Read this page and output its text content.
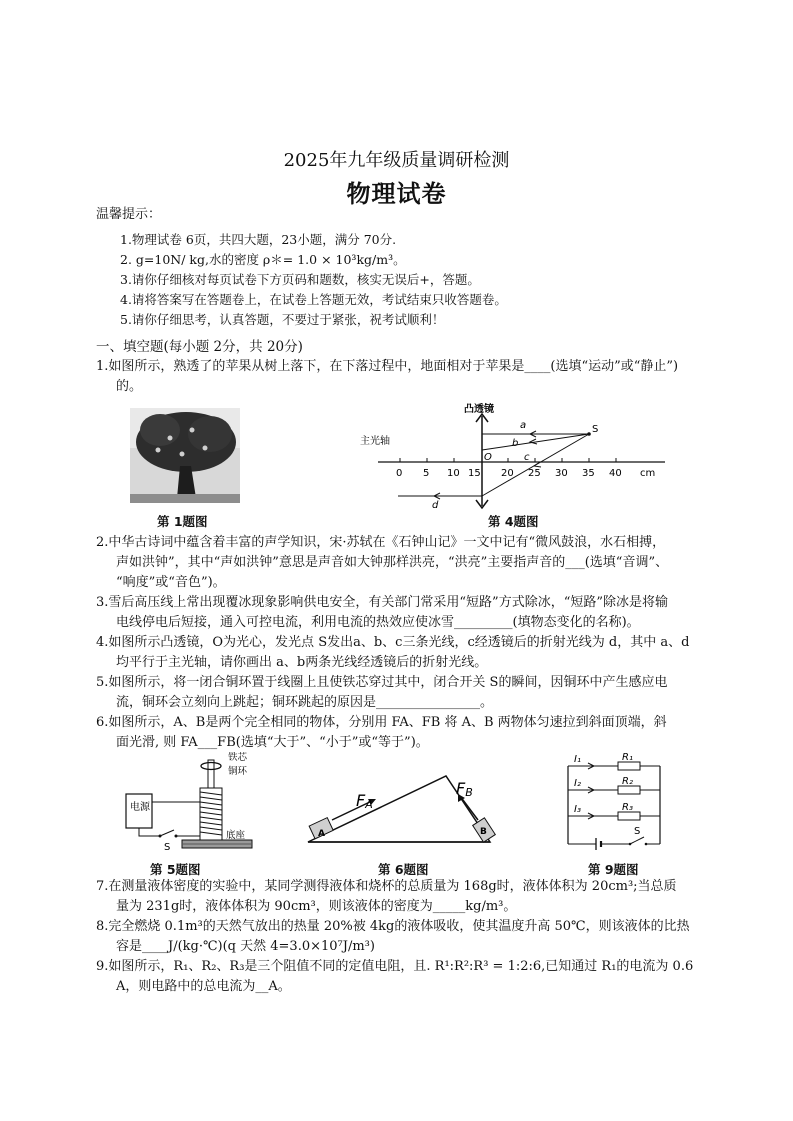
2025年九年级质量调研检测
物理试卷
温馨提示：
1.物理试卷 6页，共四大题，23小题，满分 70分.
2. g=10N/ kg,水的密度 ρ＊= 1.0 × 10³kg/m³。
3.请你仔细核对每页试卷下方页码和题数，核实无误后+，答题。
4.请将答案写在答题卷上，在试卷上答题无效，考试结束只收答题卷。
5.请你仔细思考，认真答题，不要过于紧张，祝考试顺利！
一、填空题(每小题 2分，共 20分)
1.如图所示，熟透了的苹果从树上落下，在下落过程中，地面相对于苹果是____(选填“运动”或“静止”)
的。
第 1题图
凸透镜
主光轴
0 5 10 15 20 25 30 35 40 cm
S
O
a
b
c
d
第 4题图
2.中华古诗词中蕴含着丰富的声学知识，宋·苏轼在《石钟山记》一文中记有“微风鼓浪，水石相搏，
声如洪钟”，其中“声如洪钟”意思是声音如大钟那样洪亮，“洪亮”主要指声音的___(选填“音调”、
“响度”或“音色”)。
3.雪后高压线上常出现覆冰现象影响供电安全，有关部门常采用“短路”方式除冰，“短路”除冰是将输
电线停电后短接，通入可控电流，利用电流的热效应使冰雪_________(填物态变化的名称)。
4.如图所示凸透镜，O为光心，发光点 S发出a、b、c三条光线，c经透镜后的折射光线为 d，其中 a、d
均平行于主光轴，请你画出 a、b两条光线经透镜后的折射光线。
5.如图所示，将一闭合铜环置于线圈上且使铁芯穿过其中，闭合开关 S的瞬间，因铜环中产生感应电
流，铜环会立刻向上跳起；铜环跳起的原因是________________。
6.如图所示，A、B是两个完全相同的物体，分别用 FA、FB 将 A、B 两物体匀速拉到斜面顶端，斜
面光滑, 则 FA___FB(选填“大于”、“小于”或“等于”)。
铁芯
铜环
电源
S
底座
第 5题图
FA
FB
A	B
第 6题图
I₁
I₂
I₃
R₁
R₂
R₃
S
第 9题图
7.在测量液体密度的实验中，某同学测得液体和烧杯的总质量为 168g时，液体体积为 20cm³;当总质
量为 231g时，液体体积为 90cm³，则该液体的密度为_____kg/m³。
8.完全燃烧 0.1m³的天然气放出的热量 20%被 4kg的液体吸收，使其温度升高 50℃，则该液体的比热
容是____J/(kg·℃)(q 天然 4=3.0×10⁷J/m³)
9.如图所示，R₁、R₂、R₃是三个阻值不同的定值电阻，且. R¹:R²:R³ = 1:2:6,已知通过 R₁的电流为 0.6
A，则电路中的总电流为__A。
